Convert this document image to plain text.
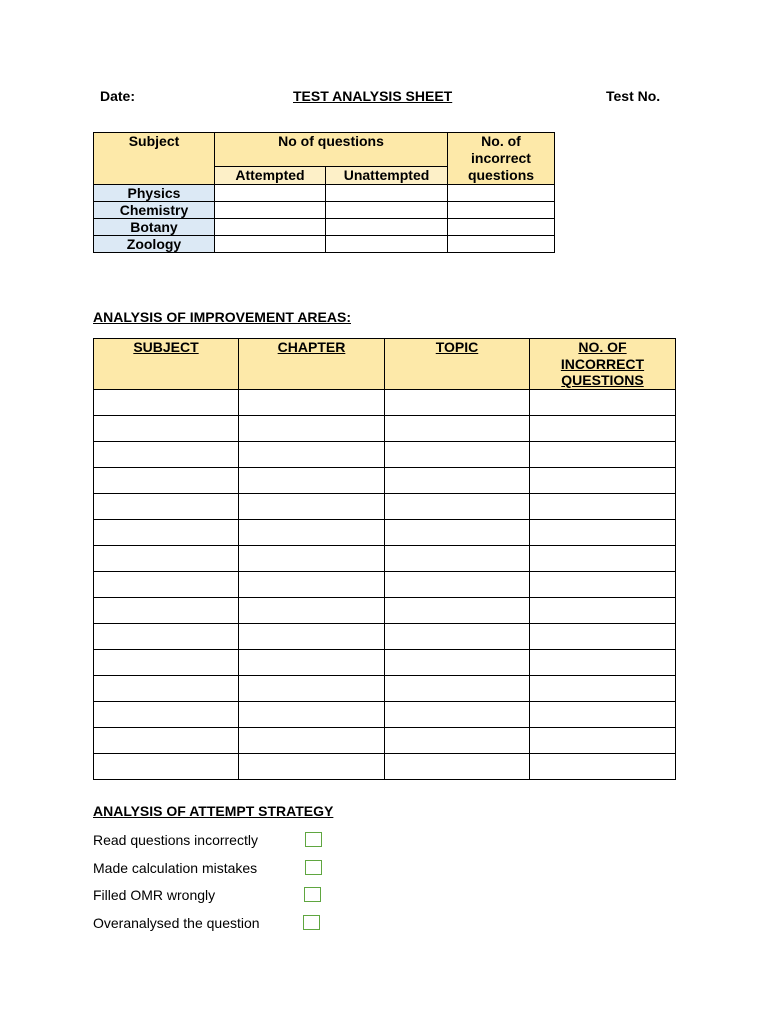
Date:	TEST ANALYSIS SHEET	Test No.
Subject	No of questions		No. of incorrect questions
	Attempted	Unattempted	
Physics			
Chemistry			
Botany			
Zoology			
ANALYSIS OF IMPROVEMENT AREAS:
SUBJECT	CHAPTER	TOPIC	NO. OF INCORRECT QUESTIONS

ANALYSIS OF ATTEMPT STRATEGY
Read questions incorrectly
Made calculation mistakes
Filled OMR wrongly
Overanalysed the question
